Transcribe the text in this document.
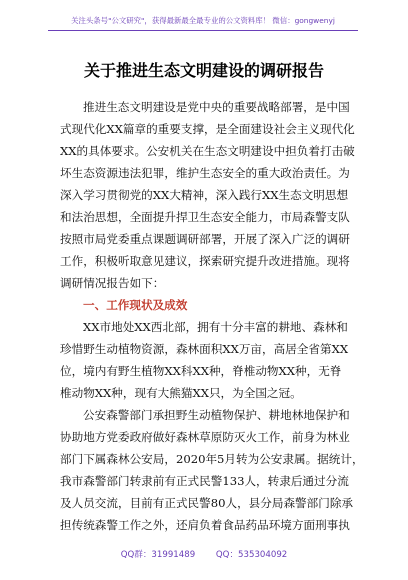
关注头条号"公文研究"，获得最新最全最专业的公文资料库！ 微信：gongwenyj
关于推进生态文明建设的调研报告

推进生态文明建设是党中央的重要战略部署，是中国
式现代化XX篇章的重要支撑，是全面建设社会主义现代化
XX的具体要求。公安机关在生态文明建设中担负着打击破
坏生态资源违法犯罪，维护生态安全的重大政治责任。为
深入学习贯彻党的XX大精神，深入践行XX生态文明思想
和法治思想，全面提升捍卫生态安全能力，市局森警支队
按照市局党委重点课题调研部署，开展了深入广泛的调研
工作，积极听取意见建议，探索研究提升改进措施。现将
调研情况报告如下：

一、工作现状及成效

XX市地处XX西北部，拥有十分丰富的耕地、森林和
珍惜野生动植物资源，森林面积XX万亩，高居全省第XX
位，境内有野生植物XX科XX种，脊椎动物XX种，无脊
椎动物XX种，现有大熊猫XX只，为全国之冠。

公安森警部门承担野生动植物保护、耕地林地保护和
协助地方党委政府做好森林草原防灭火工作，前身为林业
部门下属森林公安局，2020年5月转为公安隶属。据统计，
我市森警部门转隶前有正式民警133人，转隶后通过分流
及人员交流，目前有正式民警80人，县分局森警部门除承
担传统森警工作之外，还肩负着食品药品环境方面刑事执

QQ群：31991489 QQ：535304092
